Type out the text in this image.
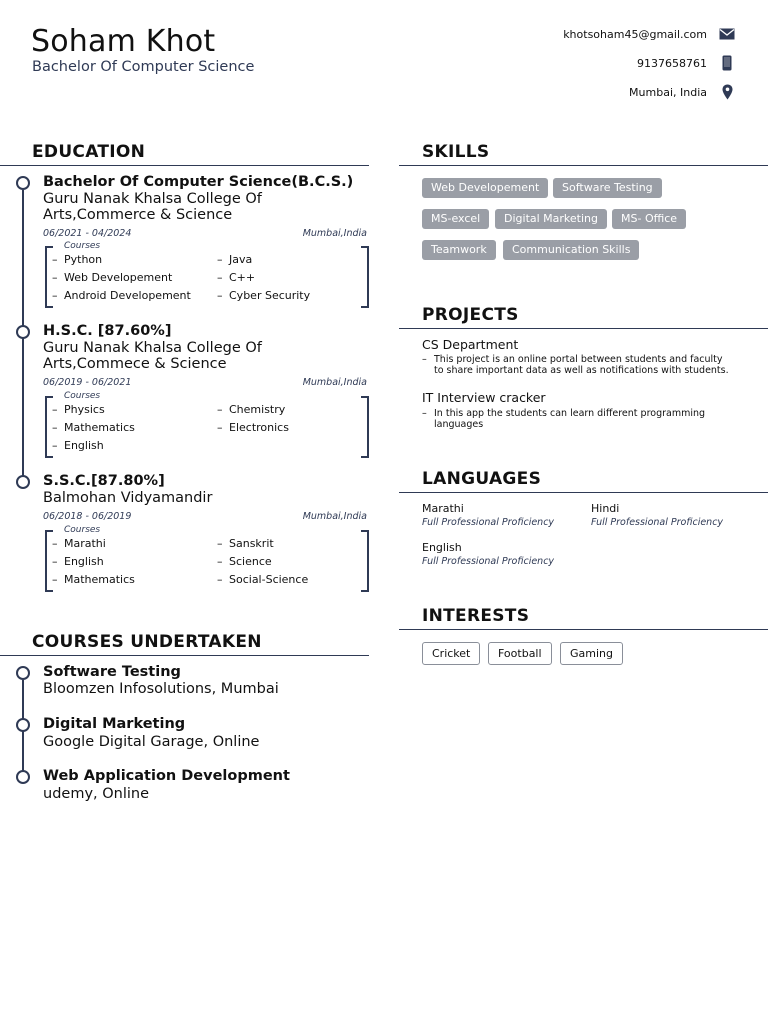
Soham Khot
Bachelor Of Computer Science
khotsoham45@gmail.com
9137658761
Mumbai, India
EDUCATION
Bachelor Of Computer Science(B.C.S.)
Guru Nanak Khalsa College Of Arts,Commerce & Science
06/2021 - 04/2024	Mumbai,India
Courses
– Python	– Java
– Web Developement	– C++
– Android Developement	– Cyber Security
H.S.C. [87.60%]
Guru Nanak Khalsa College Of Arts,Commece & Science
06/2019 - 06/2021	Mumbai,India
Courses
– Physics	– Chemistry
– Mathematics	– Electronics
– English
S.S.C.[87.80%]
Balmohan Vidyamandir
06/2018 - 06/2019	Mumbai,India
Courses
– Marathi	– Sanskrit
– English	– Science
– Mathematics	– Social-Science
COURSES UNDERTAKEN
Software Testing
Bloomzen Infosolutions, Mumbai
Digital Marketing
Google Digital Garage, Online
Web Application Development
udemy, Online
SKILLS
Web Developement	Software Testing
MS-excel	Digital Marketing	MS- Office
Teamwork	Communication Skills
PROJECTS
CS Department
– This project is an online portal between students and faculty to share important data as well as notifications with students.
IT Interview cracker
– In this app the students can learn different programming languages
LANGUAGES
Marathi
Full Professional Proficiency
Hindi
Full Professional Proficiency
English
Full Professional Proficiency
INTERESTS
Cricket	Football	Gaming
